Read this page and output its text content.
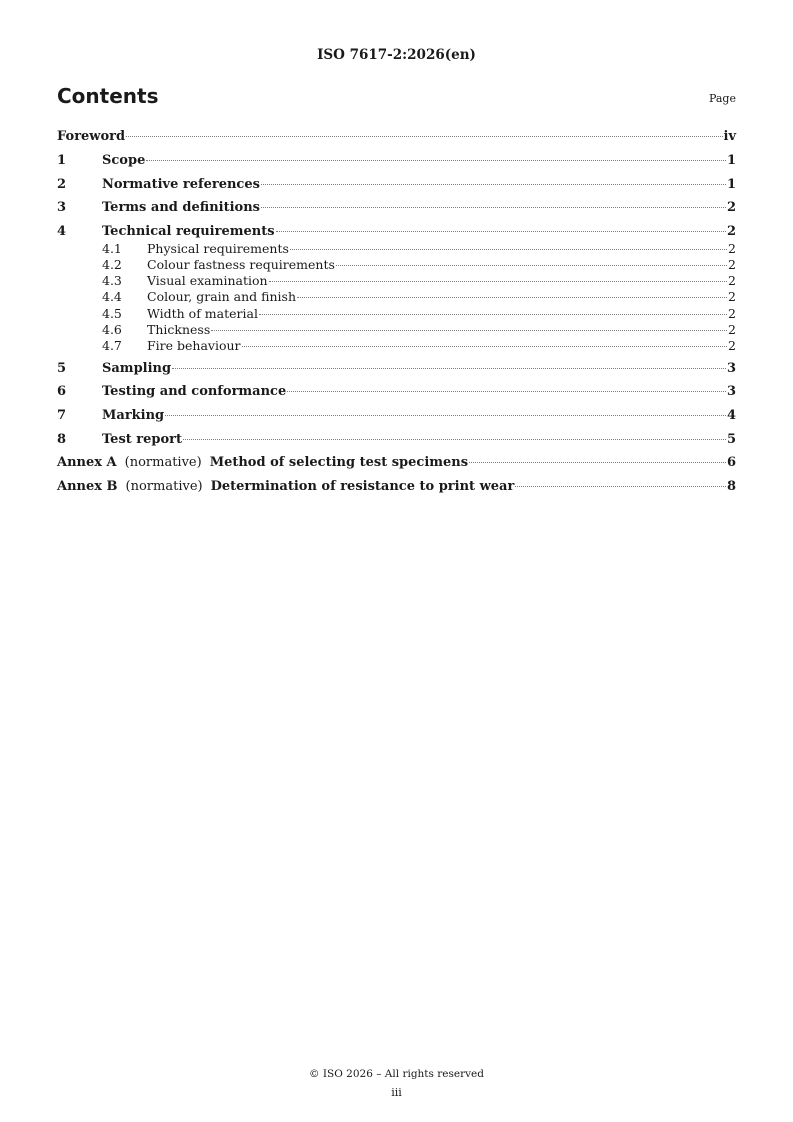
ISO 7617-2:2026(en)
Contents	Page
Foreword	iv
1	Scope	1
2	Normative references	1
3	Terms and definitions	2
4	Technical requirements	2
4.1	Physical requirements	2
4.2	Colour fastness requirements	2
4.3	Visual examination	2
4.4	Colour, grain and finish	2
4.5	Width of material	2
4.6	Thickness	2
4.7	Fire behaviour	2
5	Sampling	3
6	Testing and conformance	3
7	Marking	4
8	Test report	5
Annex A (normative) Method of selecting test specimens	6
Annex B (normative) Determination of resistance to print wear	8
© ISO 2026 – All rights reserved
iii
